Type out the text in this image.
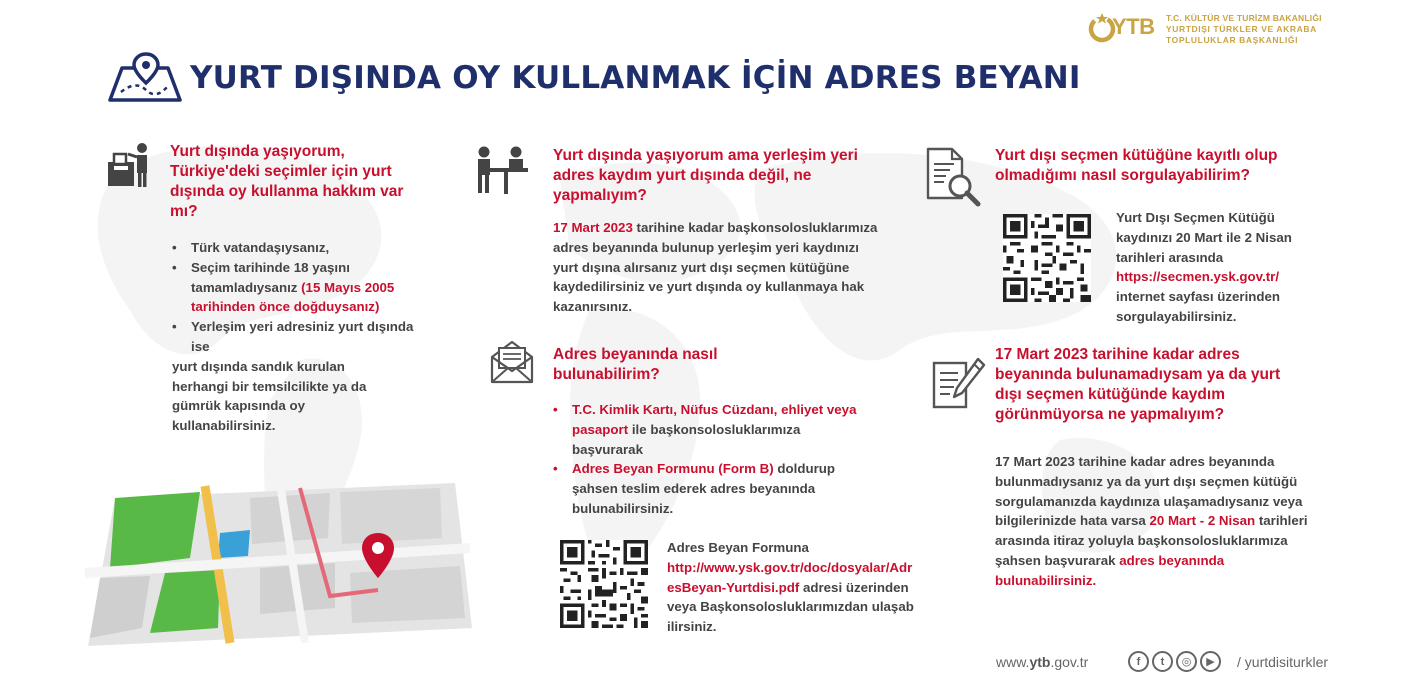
YTB T.C. KÜLTÜR VE TURİZM BAKANLIĞI
YURTDIŞI TÜRKLER VE AKRABA
TOPLULUKLAR BAŞKANLIĞI
YURT DIŞINDA OY KULLANMAK İÇİN ADRES BEYANI
Yurt dışında yaşıyorum, Türkiye'deki seçimler için yurt dışında oy kullanma hakkım var mı?
• Türk vatandaşıysanız,
• Seçim tarihinde 18 yaşını tamamladıysanız (15 Mayıs 2005 tarihinden önce doğduysanız)
• Yerleşim yeri adresiniz yurt dışında ise
yurt dışında sandık kurulan herhangi bir temsilcilikte ya da gümrük kapısında oy kullanabilirsiniz.
Yurt dışında yaşıyorum ama yerleşim yeri adres kaydım yurt dışında değil, ne yapmalıyım?
17 Mart 2023 tarihine kadar başkonsolosluklarımıza adres beyanında bulunup yerleşim yeri kaydınızı yurt dışına alırsanız yurt dışı seçmen kütüğüne kaydedilirsiniz ve yurt dışında oy kullanmaya hak kazanırsınız.
Adres beyanında nasıl bulunabilirim?
• T.C. Kimlik Kartı, Nüfus Cüzdanı, ehliyet veya pasaport ile başkonsolosluklarımıza başvurarak
• Adres Beyan Formunu (Form B) doldurup şahsen teslim ederek adres beyanında bulunabilirsiniz.
Adres Beyan Formuna
http://www.ysk.gov.tr/doc/dosyalar/AdresBeyan-Yurtdisi.pdf adresi üzerinden veya Başkonsolosluklarımızdan ulaşabilirsiniz.
Yurt dışı seçmen kütüğüne kayıtlı olup olmadığımı nasıl sorgulayabilirim?
Yurt Dışı Seçmen Kütüğü kaydınızı 20 Mart ile 2 Nisan tarihleri arasında https://secmen.ysk.gov.tr/ internet sayfası üzerinden sorgulayabilirsiniz.
17 Mart 2023 tarihine kadar adres beyanında bulunamadıysam ya da yurt dışı seçmen kütüğünde kaydım görünmüyorsa ne yapmalıyım?
17 Mart 2023 tarihine kadar adres beyanında bulunmadıysanız ya da yurt dışı seçmen kütüğü sorgulamanızda kaydınıza ulaşamadıysanız veya bilgilerinizde hata varsa 20 Mart - 2 Nisan tarihleri arasında itiraz yoluyla başkonsolosluklarımıza şahsen başvurarak adres beyanında bulunabilirsiniz.
www.ytb.gov.tr	f	t	◎	▶	/ yurtdisiturkler
